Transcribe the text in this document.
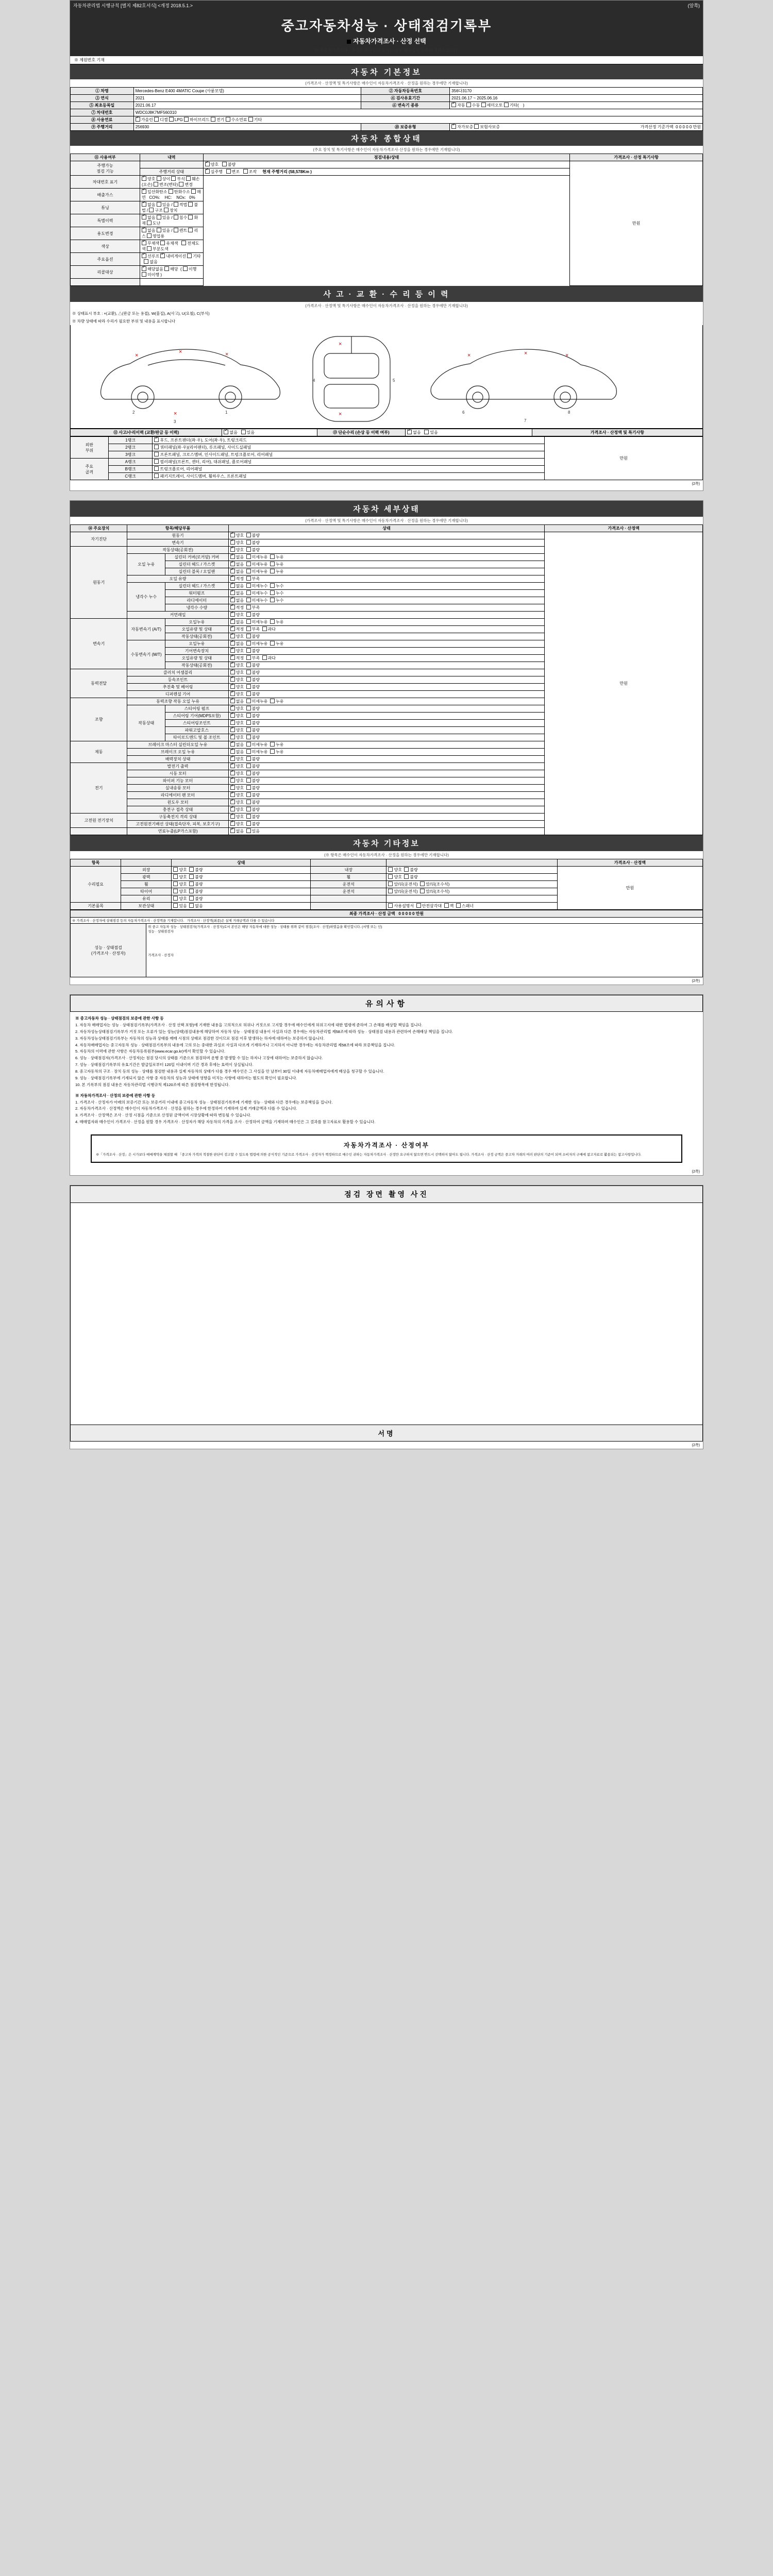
자동차관리법 시행규칙 [별지 제82호서식] <개정 2018.5.1.>	(앞쪽)
중고자동차성능 · 상태점검기록부
자동차가격조사 · 산정 선택
※ 자동차가격조사 · 산정은 매수인이 원하는 경우 매매업자가 하는 서비스입니다.
※ 제원번호 기재
자동차 기본정보
(가격조사 · 산정액 및 특기사항은 매수인이 자동차가격조사 · 산정을 원하는 경우에만 기재합니다)
① 차명	Mercedes-Benz E400 4MATIC Coupe (사륜모델)	② 자동차등록번호	356다3170
③ 연식	2021	④ 검사유효기간	2021.06.17 ~ 2025.06.16
⑤ 최초등록일	2021.06.17	⑥ 변속기 종류	✓자동 수동 세미오토 기타(　)
⑦ 차대번호	WDC0J8K7MF560310		
⑧ 사용연료	✓가솔린 디젤 LPG 하이브리드 전기 수소연료 기타
⑨ 주행거리	256930	⑩ 보증유형	✓자가보증 보험사보증 가격산정 기준가액 0 0 0 0 0 만원
자동차 종합상태
(주요 장치 및 특기사항은 매수인이 자동차가격조사·산정을 원하는 경우에만 기재합니다)
⑪ 사용여부	내역	점검내용/상태	가격조사 · 산정 특기사항
주행가능
점검 기능		✓양호   불량	만원
	주행거리 상태	✓실주행   변조   조작     현재 주행거리 (58,578Km )
차대번호 표기	✓양호 상이 부식 훼손(오손) 변조(변타) 변경
배출가스	✓일산화탄소 탄화수소 매연   CO%:    HC:    NOx:   0%
튜닝	✓없음 있음 / 적법 불법 / 구조 장치
특별이력	✓없음 있음 / 침수 화재 도난
용도변경	✓없음 있음 / 렌트 리스 영업용
색상	✓무채색 유채색   전체도색 부분도색
주요옵션	✓선루프 ✓내비게이션 기타   없음
리콜대상	✓해당없음 해당  ( 이행 미이행 )

사 고 · 교 환 · 수 리 등 이 력
(가격조사 · 산정액 및 특기사항은 매수인이 자동차가격조사 · 산정을 원하는 경우에만 기재합니다)
※ 상태표시 부호 : ×(교환), △(판금 또는 용접), W(흠집), A(사고), U(요철), C(부식)
※ 차량 상태에 따라 수리가 필요한 부위 및 내용을 표시합니다
×
×	×
×
×
×	×	×
×
2
3
1
4	5
6
7
8
⑫ 사고/수리이력 (교환/판금 등 이력)	✓없음   있음	⑬ 단순수리 (손상 등 이력 여부)	✓없음   있음	가격조사 · 산정액 및 특기사항
외판
부위	1랭크	✓후드, 프론트팬더(좌·우), 도어(좌·우), 트렁크리드	만원
	2랭크	쿼터패널(좌·우)(리어팬더), 루프패널, 사이드실패널	
	3랭크	프론트패널, 크로스멤버, 인사이드패널, 트렁크플로어, 리어패널	
주요
골격	A랭크	필러패널(프론트, 센터, 리어), 대쉬패널, 플로어패널	
	B랭크	트렁크플로어, 리어패널	
	C랭크	패키지트레이, 사이드멤버, 휠하우스, 프론트패널	
(2쪽)
자동차 세부상태
(가격조사 · 산정액 및 특기사항은 매수인이 자동차가격조사 · 산정을 원하는 경우에만 기재합니다)
⑭ 주요장치	항목/해당부품		상태	가격조사 · 산정액
자기진단	원동기	✓양호  불량	만원
	변속기	✓양호  불량
원동기	작동상태(공회전)	✓양호  불량
	오일 누유	실린더 커버(로커암) 커버	✓없음  미세누유  누유
		실린더 헤드 / 가스켓	✓없음  미세누유  누유
		실린더 블록 / 오일팬	✓없음  미세누유  누유
	오일 유량	✓적정  부족
	냉각수 누수	실린더 헤드 / 가스켓	✓없음  미세누수  누수
		워터펌프	✓없음  미세누수  누수
		라디에이터	✓없음  미세누수  누수
		냉각수 수량	✓적정  부족
	커먼레일	✓양호  불량
변속기	자동변속기 (A/T)	오일누유	✓없음  미세누유  누유
		오일유량 및 상태	✓적정  부족  과다
		작동상태(공회전)	✓양호  불량
	수동변속기 (M/T)	오일누유	✓없음  미세누유  누유
		기어변속장치	✓양호  불량
		오일유량 및 상태	✓적정  부족  과다
		작동상태(공회전)	✓양호  불량
동력전달	클러치 어셈블리	✓양호  불량
	등속조인트	✓양호  불량
	추진축 및 베어링	✓양호  불량
	디퍼렌셜 기어	✓양호  불량
조향	동력조향 작동 오일 누유	✓없음  미세누유  누유
	작동상태	스티어링 펌프	✓양호  불량
		스티어링 기어(MDPS포함)	✓양호  불량
		스티어링조인트	✓양호  불량
		파워고압호스	✓양호  불량
		타이로드엔드 및 볼 조인트	✓양호  불량
제동	브레이크 마스터 실린더오일 누유	✓없음  미세누유  누유
	브레이크 오일 누유	✓없음  미세누유  누유
	배력장치 상태	✓양호  불량
전기	발전기 출력	✓양호  불량
	시동 모터	✓양호  불량
	와이퍼 기능 모터	✓양호  불량
	실내송풍 모터	✓양호  불량
	라디에이터 팬 모터	✓양호  불량
	윈도우 모터	✓양호  불량
	충전구 접촉 상태	✓양호  불량
고전원 전기장치	구동축전지 격리 상태	✓양호  불량
	고전원전기배선 상태(접속단자, 피복, 보호기구)	✓양호  불량
　	연료누출(LP가스포함)	✓없음  있음
자동차 기타정보
(※ 항목은 매수인이 자동차가격조사 · 산정을 원하는 경우에만 기재합니다)
항목	　	상태	　	　	가격조사 · 산정액
수리필요	외장	양호  불량	내장	양호  불량	만원
	광택	양호  불량	휠	양호  불량	
	휠	양호  불량	운전석	앞/뒤(운전석)  앞/뒤(조수석)	
	타이어	양호  불량	운전석	앞/뒤(운전석)  앞/뒤(조수석)	
	유리	양호  불량		　	　
기본품목	보관상태	있음  없음	　	사용설명서  안전삼각대  잭  스패너	
최종 가격조사 · 산정 금액 0 0 0 0 0 만원
※ 가격조사 · 산정자에 상태점검 등의 자동차가격조사 · 산정액을 기재합니다. 가격조사 · 산정액(최종)은 실제 거래금액과 다를 수 있습니다
성능 · 상태점검
(가격조사 · 산정자)	
위 중고 자동차 성능 · 상태점검자(가격조사 · 산정자)로서 본인은 해당 자동차에 대한 성능 · 상태를 위와 같이 점검(조사 · 산정)하였음을 확인합니다. (서명 또는 인)
성능 · 상태점검자
가격조사 · 산정자
(2쪽)
유의사항

※ 중고자동차 성능 · 상태점검의 보증에 관한 사항 등

1. 자동차 매매업자는 성능 · 상태점검기록부(가격조사 · 산정 선택 포함)에 기재한 내용을 고의적으로 허위나 거짓으로 고지할 경우에 매수인에게 허위고지에 대한 법령에 준하여 그 손해를 배상할 책임을 집니다.

2. 자동차성능상태점검기록부가 거짓 또는 오류가 있는 성능(상태)점검내용에 해당하여 자동차 성능 · 상태점검 내용이 사실과 다른 경우에는 자동차관리법 제58조에 따라 성능 · 상태점검 내용과 관련하여 손해배상 책임을 집니다.

3. 자동차성능상태점검기록부는 자동차의 성능과 상태를 매매 시점의 상태로 점검한 것이므로 점검 이후 발생하는 하자에 대하여는 보증하지 않습니다.

4. 자동차매매업자는 중고자동차 성능 · 상태점검기록부의 내용에 고의 또는 중대한 과실로 사실과 다르게 기재하거나 고지하지 아니한 경우에는 자동차관리법 제58조에 따라 보증책임을 집니다.

5. 자동차의 이력에 관한 사항은 자동차등록원부(www.ecar.go.kr)에서 확인할 수 있습니다.

6. 성능 · 상태점검자(가격조사 · 산정자)는 점검 당시의 상태를 기준으로 점검하며 운행 중 발생할 수 있는 하자나 고장에 대하여는 보증하지 않습니다.

7. 성능 · 상태점검기록부의 유효기간은 발급일로부터 120일 이내이며 기간 경과 후에는 효력이 상실됩니다.

8. 중고자동차의 구조 · 장치 등의 성능 · 상태를 점검한 내용과 실제 자동차의 상태가 다를 경우 매수인은 그 사실을 안 날부터 30일 이내에 자동차매매업자에게 배상을 청구할 수 있습니다.

9. 성능 · 상태점검기록부에 기재되지 않은 사항 중 자동차의 성능과 상태에 영향을 미치는 사항에 대하여는 별도의 확인이 필요합니다.

10. 본 기록부의 점검 내용은 자동차관리법 시행규칙 제120조에 따른 점검항목에 한정됩니다.

※ 자동차가격조사 · 산정의 보증에 관한 사항 등

1. 가격조사 · 산정자가 아래의 보증기간 또는 보증거리 이내에 중고자동차 성능 · 상태점검기록부에 기재한 성능 · 상태와 다른 경우에는 보증책임을 집니다.

2. 자동차가격조사 · 산정액은 매수인이 자동차가격조사 · 산정을 원하는 경우에 한정하여 기재하며 실제 거래금액과 다를 수 있습니다.

3. 가격조사 · 산정액은 조사 · 산정 시점을 기준으로 산정된 금액이며 시장상황에 따라 변동될 수 있습니다.

4. 매매업자와 매수인이 가격조사 · 산정을 원할 경우 가격조사 · 산정자가 해당 자동차의 가격을 조사 · 산정하여 금액을 기재하며 매수인은 그 결과를 참고자료로 활용할 수 있습니다.

자동차가격조사 · 산정여부
※「가격조사 · 산정」은 시가보다 매매계약을 체결할 때 「중고차 가격의 적절한 판단이 검고할 수 있도록 법령에 의한 공식적인 기준으로 가격조사 · 산정자가 책정하므로 매수인 귀하는 자동차가격조사 · 산정만 요구하지 않으면 반드시 선택하지 않아도 됩니다. 가격조사 · 산정 금액은 중고차 거래의 여러 판단의 기준이 되며 소비자의 구매에 참고자료로 활용되는 참고사항입니다.
(2쪽)
점검 장면 촬영 사진
서명
(2쪽)
